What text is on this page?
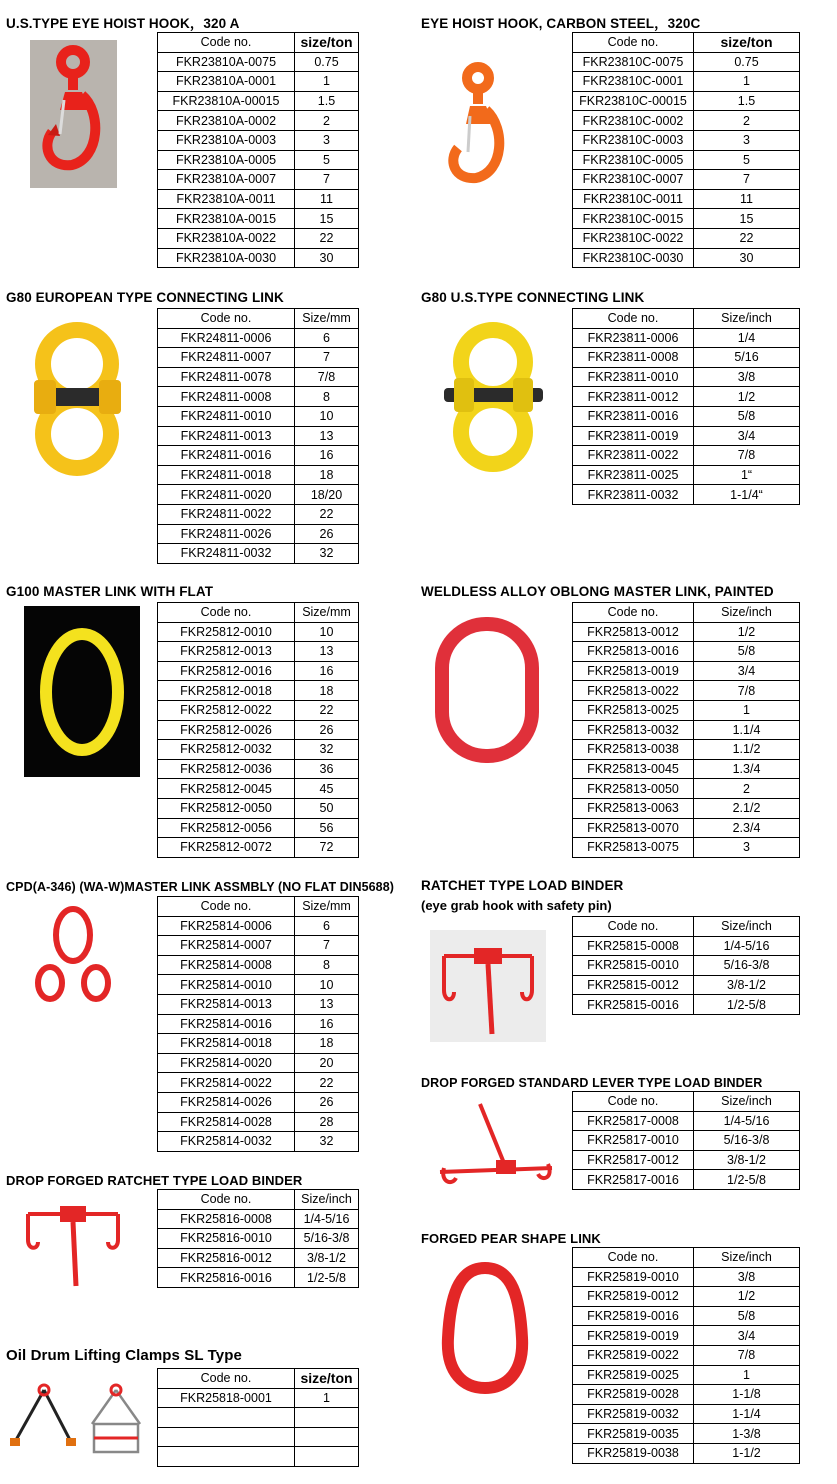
U.S.TYPE EYE HOIST HOOK，320 A
Code no.	size/ton
FKR23810A-0075	0.75
FKR23810A-0001	1
FKR23810A-00015	1.5
FKR23810A-0002	2
FKR23810A-0003	3
FKR23810A-0005	5
FKR23810A-0007	7
FKR23810A-0011	11
FKR23810A-0015	15
FKR23810A-0022	22
FKR23810A-0030	30
EYE HOIST HOOK, CARBON STEEL，320C
Code no.	size/ton
FKR23810C-0075	0.75
FKR23810C-0001	1
FKR23810C-00015	1.5
FKR23810C-0002	2
FKR23810C-0003	3
FKR23810C-0005	5
FKR23810C-0007	7
FKR23810C-0011	11
FKR23810C-0015	15
FKR23810C-0022	22
FKR23810C-0030	30
G80 EUROPEAN TYPE CONNECTING LINK
Code no.	Size/mm
FKR24811-0006	6
FKR24811-0007	7
FKR24811-0078	7/8
FKR24811-0008	8
FKR24811-0010	10
FKR24811-0013	13
FKR24811-0016	16
FKR24811-0018	18
FKR24811-0020	18/20
FKR24811-0022	22
FKR24811-0026	26
FKR24811-0032	32
G80 U.S.TYPE CONNECTING LINK
Code no.	Size/inch
FKR23811-0006	1/4
FKR23811-0008	5/16
FKR23811-0010	3/8
FKR23811-0012	1/2
FKR23811-0016	5/8
FKR23811-0019	3/4
FKR23811-0022	7/8
FKR23811-0025	1“
FKR23811-0032	1-1/4“
G100 MASTER LINK WITH FLAT
Code no.	Size/mm
FKR25812-0010	10
FKR25812-0013	13
FKR25812-0016	16
FKR25812-0018	18
FKR25812-0022	22
FKR25812-0026	26
FKR25812-0032	32
FKR25812-0036	36
FKR25812-0045	45
FKR25812-0050	50
FKR25812-0056	56
FKR25812-0072	72
WELDLESS ALLOY OBLONG MASTER LINK, PAINTED
Code no.	Size/inch
FKR25813-0012	1/2
FKR25813-0016	5/8
FKR25813-0019	3/4
FKR25813-0022	7/8
FKR25813-0025	1
FKR25813-0032	1.1/4
FKR25813-0038	1.1/2
FKR25813-0045	1.3/4
FKR25813-0050	2
FKR25813-0063	2.1/2
FKR25813-0070	2.3/4
FKR25813-0075	3
CPD(A-346) (WA-W)MASTER LINK ASSMBLY (NO FLAT DIN5688)
Code no.	Size/mm
FKR25814-0006	6
FKR25814-0007	7
FKR25814-0008	8
FKR25814-0010	10
FKR25814-0013	13
FKR25814-0016	16
FKR25814-0018	18
FKR25814-0020	20
FKR25814-0022	22
FKR25814-0026	26
FKR25814-0028	28
FKR25814-0032	32
RATCHET TYPE LOAD BINDER
(eye grab hook with safety pin)
Code no.	Size/inch
FKR25815-0008	1/4-5/16
FKR25815-0010	5/16-3/8
FKR25815-0012	3/8-1/2
FKR25815-0016	1/2-5/8
DROP FORGED STANDARD LEVER TYPE LOAD BINDER
Code no.	Size/inch
FKR25817-0008	1/4-5/16
FKR25817-0010	5/16-3/8
FKR25817-0012	3/8-1/2
FKR25817-0016	1/2-5/8
DROP FORGED RATCHET TYPE LOAD BINDER
Code no.	Size/inch
FKR25816-0008	1/4-5/16
FKR25816-0010	5/16-3/8
FKR25816-0012	3/8-1/2
FKR25816-0016	1/2-5/8
FORGED PEAR SHAPE LINK
Code no.	Size/inch
FKR25819-0010	3/8
FKR25819-0012	1/2
FKR25819-0016	5/8
FKR25819-0019	3/4
FKR25819-0022	7/8
FKR25819-0025	1
FKR25819-0028	1-1/8
FKR25819-0032	1-1/4
FKR25819-0035	1-3/8
FKR25819-0038	1-1/2
Oil Drum Lifting Clamps SL Type
Code no.	size/ton
FKR25818-0001	1
